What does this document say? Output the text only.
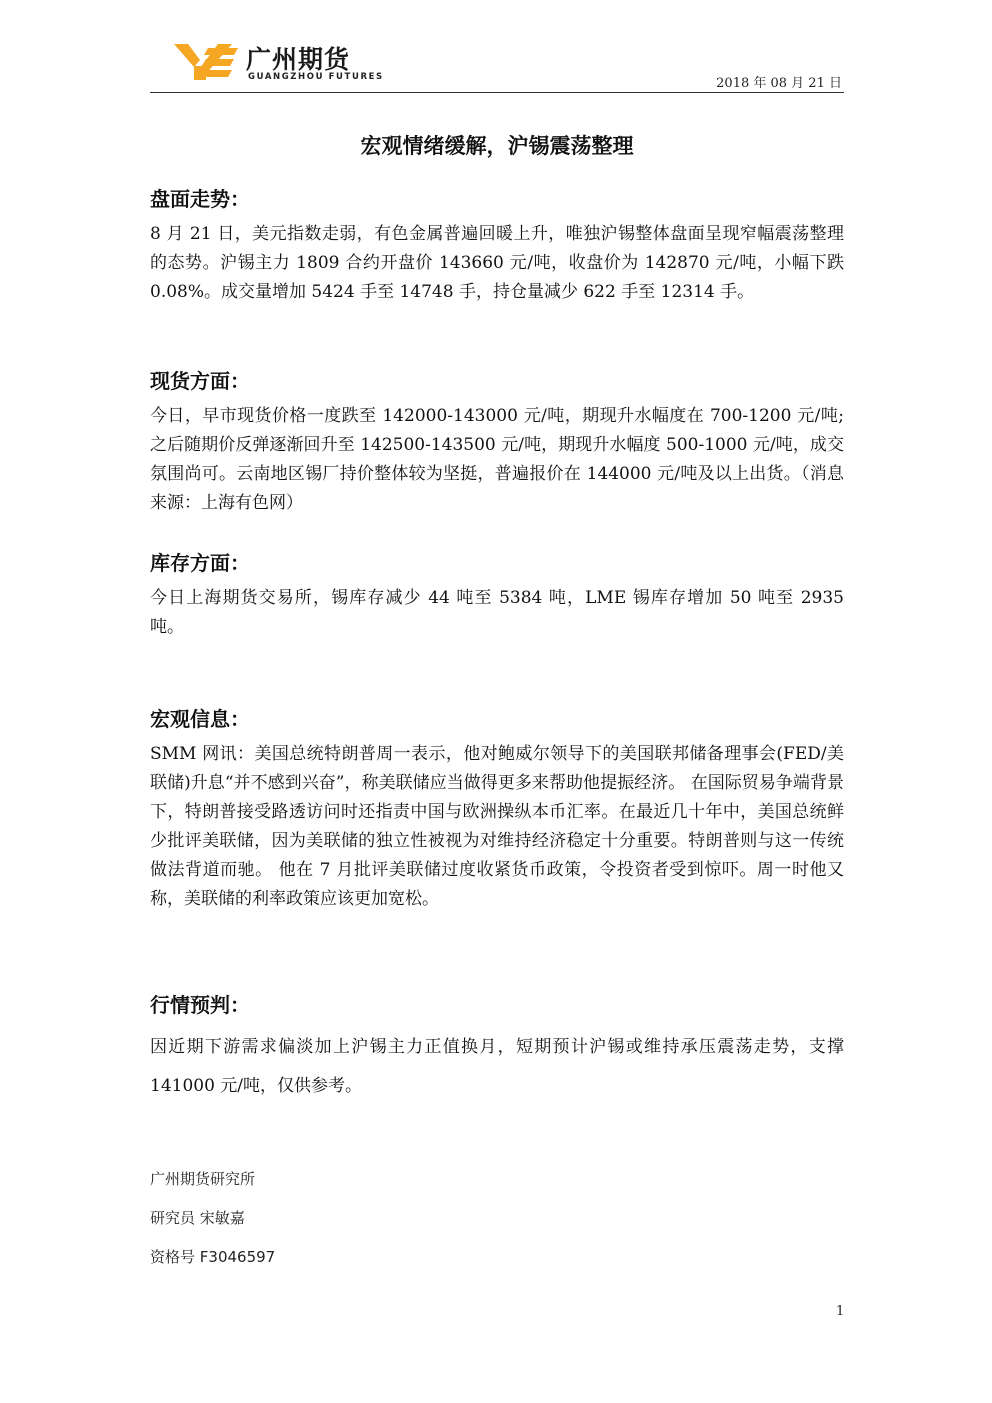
广州期货
GUANGZHOU FUTURES	2018 年 08 月 21 日
宏观情绪缓解，沪锡震荡整理
盘面走势：

8 月 21 日，美元指数走弱，有色金属普遍回暖上升，唯独沪锡整体盘面呈现窄幅震荡整理的态势。沪锡主力 1809 合约开盘价 143660 元/吨，收盘价为 142870 元/吨，小幅下跌 0.08%。成交量增加 5424 手至 14748 手，持仓量减少 622 手至 12314 手。

现货方面：

今日，早市现货价格一度跌至 142000-143000 元/吨，期现升水幅度在 700-1200 元/吨;之后随期价反弹逐渐回升至 142500-143500 元/吨，期现升水幅度 500-1000 元/吨，成交氛围尚可。云南地区锡厂持价整体较为坚挺，普遍报价在 144000 元/吨及以上出货。（消息来源：上海有色网）

库存方面：

今日上海期货交易所，锡库存减少 44 吨至 5384 吨，LME 锡库存增加 50 吨至 2935 吨。

宏观信息：

SMM 网讯：美国总统特朗普周一表示，他对鲍威尔领导下的美国联邦储备理事会(FED/美联储)升息“并不感到兴奋”，称美联储应当做得更多来帮助他提振经济。 在国际贸易争端背景下，特朗普接受路透访问时还指责中国与欧洲操纵本币汇率。在最近几十年中，美国总统鲜少批评美联储，因为美联储的独立性被视为对维持经济稳定十分重要。特朗普则与这一传统做法背道而驰。 他在 7 月批评美联储过度收紧货币政策，令投资者受到惊吓。周一时他又称，美联储的利率政策应该更加宽松。

行情预判：

因近期下游需求偏淡加上沪锡主力正值换月，短期预计沪锡或维持承压震荡走势，支撑 141000 元/吨，仅供参考。

广州期货研究所
研究员 宋敏嘉
资格号 F3046597
1
